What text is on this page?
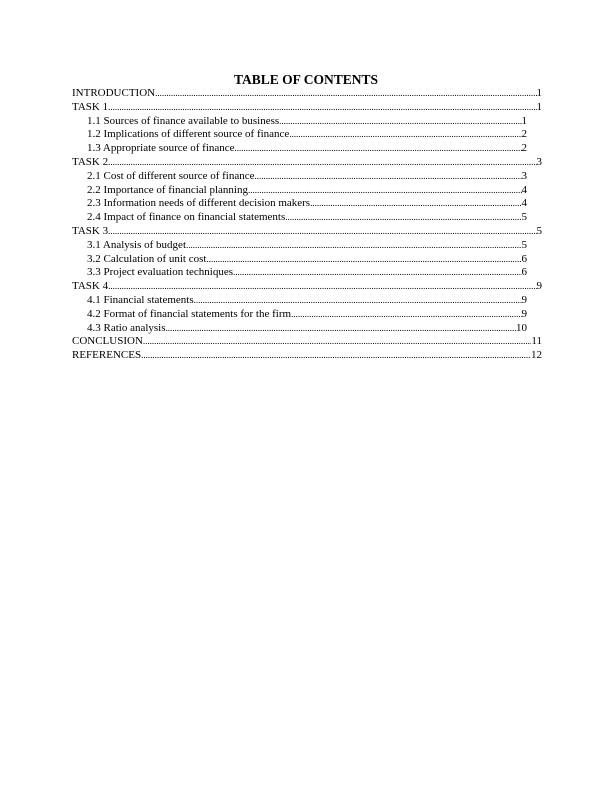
TABLE OF CONTENTS
INTRODUCTION .....	1
TASK 1 .....	1
1.1 Sources of finance available to business .....	1
1.2 Implications of different source of finance .....	2
1.3 Appropriate source of finance .....	2
TASK 2 .....	3
2.1 Cost of different source of finance .....	3
2.2 Importance of financial planning .....	4
2.3 Information needs of different decision makers .....	4
2.4 Impact of finance on financial statements .....	5
TASK 3 .....	5
3.1 Analysis of budget .....	5
3.2 Calculation of unit cost .....	6
3.3 Project evaluation techniques .....	6
TASK 4 .....	9
4.1 Financial statements .....	9
4.2 Format of financial statements for the firm .....	9
4.3 Ratio analysis .....	10
CONCLUSION .....	11
REFERENCES .....	12
